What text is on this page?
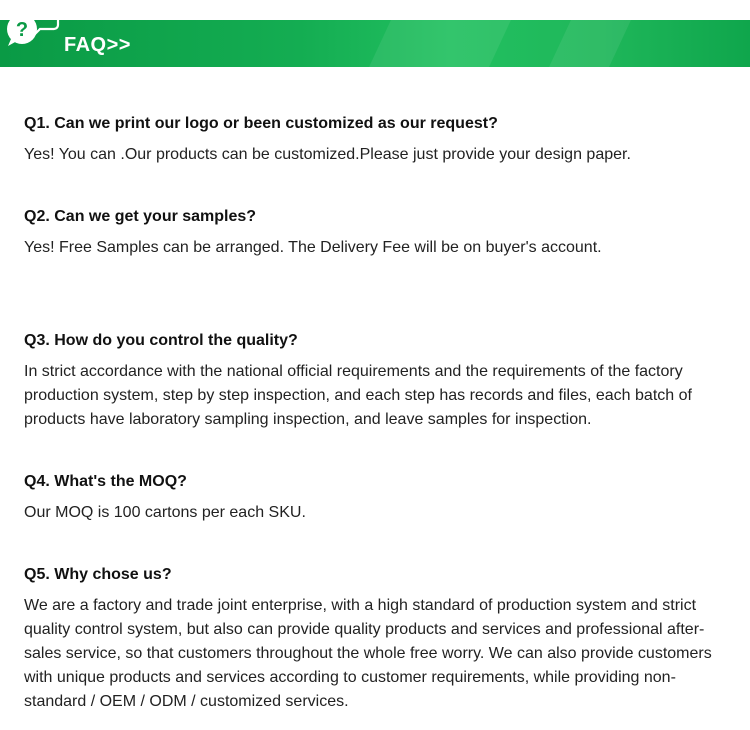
?
FAQ>>

Q1. Can we print our logo or been customized as our request?

Yes! You can .Our products can be customized.Please just provide your design paper.

Q2. Can we get your samples?

Yes! Free Samples can be arranged. The Delivery Fee will be on buyer's account.

Q3. How do you control the quality?

In strict accordance with the national official requirements and the requirements of the factory production system, step by step inspection, and each step has records and files, each batch of products have laboratory sampling inspection, and leave samples for inspection.

Q4. What's the MOQ?

Our MOQ is 100 cartons per each SKU.

Q5. Why chose us?

We are a factory and trade joint enterprise, with a high standard of production system and strict quality control system, but also can provide quality products and services and professional after-sales service, so that customers throughout the whole free worry. We can also provide customers with unique products and services according to customer requirements, while providing non-standard / OEM / ODM / customized services.
